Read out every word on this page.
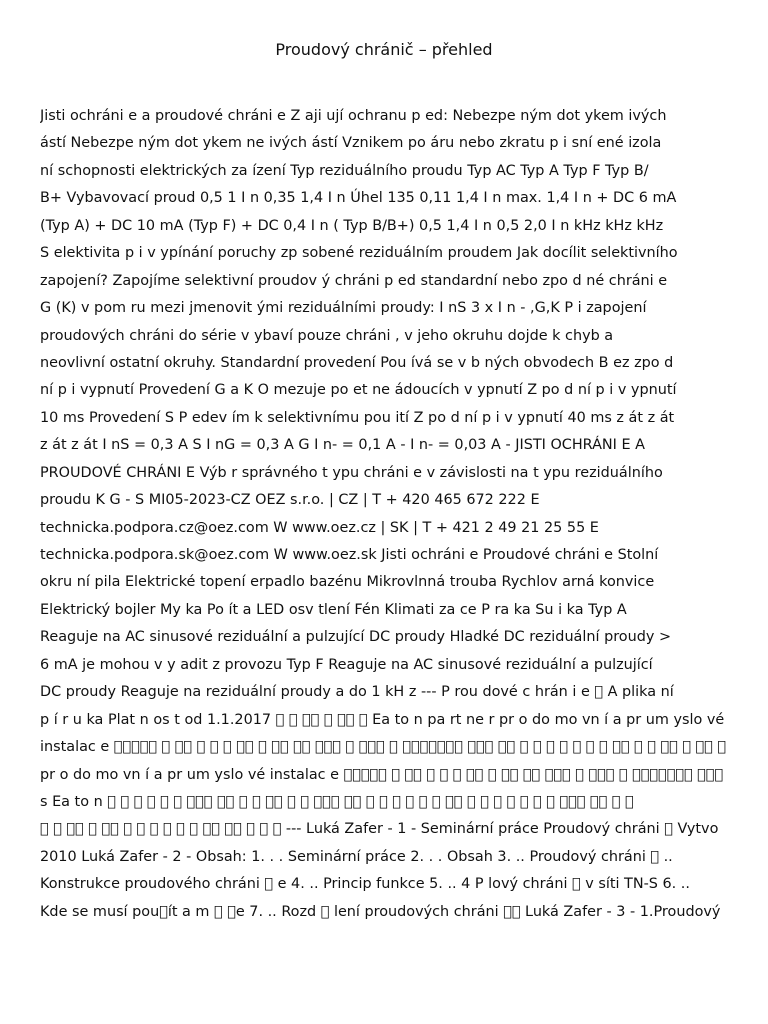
Proudový chránič – přehled
Jisti ochráni e a proudové chráni e Z aji ují ochranu p ed: Nebezpe ným dot ykem ivých
ástí Nebezpe ným dot ykem ne ivých ástí Vznikem po áru nebo zkratu p i sní ené izola
ní schopnosti elektrických za ízení Typ reziduálního proudu Typ AC Typ A Typ F Typ B/
B+ Vybavovací proud 0,5 1 I n 0,35 1,4 I n Úhel 135 0,11 1,4 I n max. 1,4 I n + DC 6 mA
(Typ A) + DC 10 mA (Typ F) + DC 0,4 I n ( Typ B/B+) 0,5 1,4 I n 0,5 2,0 I n kHz kHz kHz
S elektivita p i v ypínání poruchy zp sobené reziduálním proudem Jak docílit selektivního
zapojení? Zapojíme selektivní proudov ý chráni p ed standardní nebo zpo d né chráni e
G (K) v pom ru mezi jmenovit ými reziduálními proudy: I nS 3 x I n - ,G,K P i zapojení
proudových chráni do série v ybaví pouze chráni , v jeho okruhu dojde k chyb a
neovlivní ostatní okruhy. Standardní provedení Pou ívá se v b ných obvodech B ez zpo d
ní p i vypnutí Provedení G a K O mezuje po et ne ádoucích v ypnutí Z po d ní p i v ypnutí
10 ms Provedení S P edev ím k selektivnímu pou ití Z po d ní p i v ypnutí 40 ms z át z át
z át z át I nS = 0,3 A S I nG = 0,3 A G I n- = 0,1 A - I n- = 0,03 A - JISTI OCHRÁNI E A
PROUDOVÉ CHRÁNI E Výb r správného t ypu chráni e v závislosti na t ypu reziduálního
proudu K G - S MI05-2023-CZ OEZ s.r.o. | CZ | T + 420 465 672 222 E
technicka.podpora.cz@oez.com W www.oez.cz | SK | T + 421 2 49 21 25 55 E
technicka.podpora.sk@oez.com W www.oez.sk Jisti ochráni e Proudové chráni e Stolní
okru ní pila Elektrické topení erpadlo bazénu Mikrovlnná trouba Rychlov arná konvice
Elektrický bojler My ka Po ít a LED osv tlení Fén Klimati za ce P ra ka Su i ka Typ A
Reaguje na AC sinusové reziduální a pulzující DC proudy Hladké DC reziduální proudy >
6 mA je mohou v y adit z provozu Typ F Reaguje na AC sinusové reziduální a pulzující
DC proudy Reaguje na reziduální proudy a do 1 kH z --- P rou dové c hrán i e   A plika ní
p í r u ka Plat n os t od 1.1.2017               Ea to n pa rt ne r pr o do mo vn í a pr um yslo vé
instalac e                                                                                      
pr o do mo vn í a pr um yslo vé instalac e                                                    
s Ea to n                                                                             
                                    --- Luká Zafer - 1 - Seminární práce Proudový chráni   Vytvo
2010 Luká Zafer - 2 - Obsah: 1. . . Seminární práce 2. . . Obsah 3. .. Proudový chráni   ..
Konstrukce proudového chráni   e 4. .. Princip funkce 5. .. 4 P lový chráni   v síti TN-S 6. ..
Kde se musí pou ít a m    e 7. .. Rozd   lení proudových chráni    Luká Zafer - 3 - 1.Proudový
